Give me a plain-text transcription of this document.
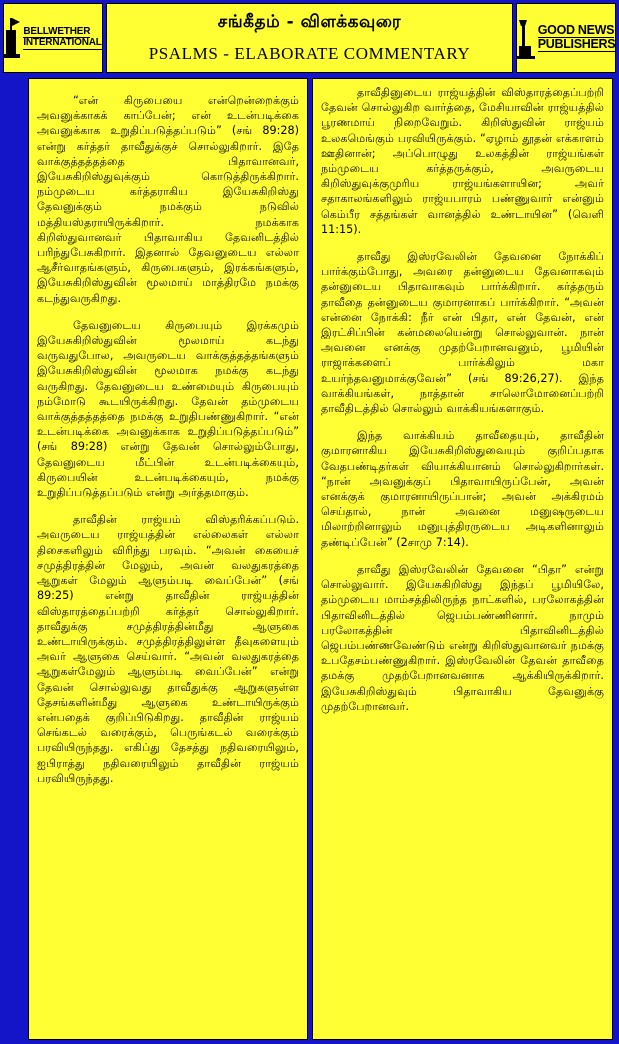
BELLWETHER
INTERNATIONAL
சங்கீதம் - விளக்கவுரை
PSALMS - ELABORATE COMMENTARY
GOOD NEWS
PUBLISHERS

“என் கிருபையை என்றென்றைக்கும் அவனுக்காகக் காப்பேன்; என் உடன்படிக்கை அவனுக்காக உறுதிப்படுத்தப்படும்” (சங் 89:28) என்று கர்த்தர் தாவீதுக்குச் சொல்லுகிறார். இதே வாக்குத்தத்தத்தை பிதாவானவர், இயேசுகிறிஸ்துவுக்கும் கொடுத்திருக்கிறார். நம்முடைய கர்த்தராகிய இயேசுகிறிஸ்து தேவனுக்கும் நமக்கும் நடுவில் மத்தியஸ்தராயிருக்கிறார். நமக்காக கிறிஸ்துவானவர் பிதாவாகிய தேவனிடத்தில் பரிந்துபேசுகிறார். இதனால் தேவனுடைய எல்லா ஆசீர்வாதங்களும், கிருபைகளும், இரக்கங்களும், இயேசுகிறிஸ்துவின் மூலமாய் மாத்திரமே நமக்கு கடந்துவருகிறது.

தேவனுடைய கிருபையும் இரக்கமும் இயேசுகிறிஸ்துவின் மூலமாய் கடந்து வருவதுபோல, அவருடைய வாக்குத்தத்தங்களும் இயேசுகிறிஸ்துவின் மூலமாக நமக்கு கடந்து வருகிறது. தேவனுடைய உண்மையும் கிருபையும் நம்மோடு கூடயிருக்கிறது. தேவன் தம்முடைய வாக்குத்தத்தத்தை நமக்கு உறுதிபண்ணுகிறார். “என் உடன்படிக்கை அவனுக்காக உறுதிப்படுத்தப்படும்” (சங் 89:28) என்று தேவன் சொல்லும்போது, தேவனுடைய மீட்பின் உடன்படிக்கையும், கிருபையின் உடன்படிக்கையும், நமக்கு உறுதிப்படுத்தப்படும் என்று அர்த்தமாகும்.

தாவீதின் ராஜ்யம் விஸ்தரிக்கப்படும். அவருடைய ராஜ்யத்தின் எல்லைகள் எல்லா திசைகளிலும் விரிந்து பரவும். “அவன் கையைச் சமுத்திரத்தின் மேலும், அவன் வலதுகரத்தை ஆறுகள் மேலும் ஆளும்படி வைப்பேன்” (சங் 89:25) என்று தாவீதின் ராஜ்யத்தின் விஸ்தாரத்தைப்பற்றி கர்த்தர் சொல்லுகிறார். தாவீதுக்கு சமுத்திரத்தின்மீது ஆளுகை உண்டாயிருக்கும். சமுத்திரத்திலுள்ள தீவுகளையும் அவர் ஆளுகை செய்வார். “அவன் வலதுகரத்தை ஆறுகள்மேலும் ஆளும்படி வைப்பேன்” என்று தேவன் சொல்லுவது தாவீதுக்கு ஆறுகளுள்ள தேசங்களின்மீது ஆளுகை உண்டாயிருக்கும் என்பதைக் குறிப்பிடுகிறது. தாவீதின் ராஜ்யம் செங்கடல் வரைக்கும், பெருங்கடல் வரைக்கும் பரவியிருந்தது. எகிப்து தேசத்து நதிவரையிலும், ஐபிராத்து நதிவரையிலும் தாவீதின் ராஜ்யம் பரவியிருந்தது.

தாவீதினுடைய ராஜ்யத்தின் விஸ்தாரத்தைப்பற்றி தேவன் சொல்லுகிற வார்த்தை, மேசியாவின் ராஜ்யத்தில் பூரணமாய் நிறைவேறும். கிறிஸ்துவின் ராஜ்யம் உலகமெங்கும் பரவியிருக்கும். “ஏழாம் தூதன் எக்காளம் ஊதினான்; அப்பொழுது உலகத்தின் ராஜ்யங்கள் நம்முடைய கர்த்தருக்கும், அவருடைய கிறிஸ்துவுக்குமுரிய ராஜ்யங்களாயின; அவர் சதாகாலங்களிலும் ராஜ்யபாரம் பண்ணுவார் என்னும் கெம்பீர சத்தங்கள் வானத்தில் உண்டாயின” (வெளி 11:15).

தாவீது இஸ்ரவேலின் தேவனை நோக்கிப் பார்க்கும்போது, அவரை தன்னுடைய தேவனாகவும் தன்னுடைய பிதாவாகவும் பார்க்கிறார். கர்த்தரும் தாவீதை தன்னுடைய குமாரனாகப் பார்க்கிறார். “அவன் என்னை நோக்கி: நீர் என் பிதா, என் தேவன், என் இரட்சிப்பின் கன்மலையென்று சொல்லுவான். நான் அவனை எனக்கு முதற்பேறானவனும், பூமியின் ராஜாக்களைப் பார்க்கிலும் மகா உயர்ந்தவனுமாக்குவேன்” (சங் 89:26,27). இந்த வாக்கியங்கள், நாத்தான் சாலொமோனைப்பற்றி தாவீதிடத்தில் சொல்லும் வாக்கியங்களாகும்.

இந்த வாக்கியம் தாவீதையும், தாவீதின் குமாரனாகிய இயேசுகிறிஸ்துவையும் குறிப்பதாக வேதபண்டிதர்கள் வியாக்கியானம் சொல்லுகிறார்கள். “நான் அவனுக்குப் பிதாவாயிருப்பேன், அவன் எனக்குக் குமாரனாயிருப்பான்; அவன் அக்கிரமம் செய்தால், நான் அவனை மனுஷருடைய மிலாற்றினாலும் மனுபுத்திரருடைய அடிகளினாலும் தண்டிப்பேன்” (2சாமு 7:14).

தாவீது இஸ்ரவேலின் தேவனை “பிதா” என்று சொல்லுவார். இயேசுகிறிஸ்து இந்தப் பூமியிலே, தம்முடைய மாம்சத்திலிருந்த நாட்களில், பரலோகத்தின் பிதாவினிடத்தில் ஜெபம்பண்ணினார். நாமும் பரலோகத்தின் பிதாவினிடத்தில் ஜெபம்பண்ணவேண்டும் என்று கிறிஸ்துவானவர் நமக்கு உபதேசம்பண்ணுகிறார். இஸ்ரவேலின் தேவன் தாவீதை தமக்கு முதற்பேறானவனாக ஆக்கியிருக்கிறார். இயேசுகிறிஸ்துவும் பிதாவாகிய தேவனுக்கு முதற்பேறானவர்.
